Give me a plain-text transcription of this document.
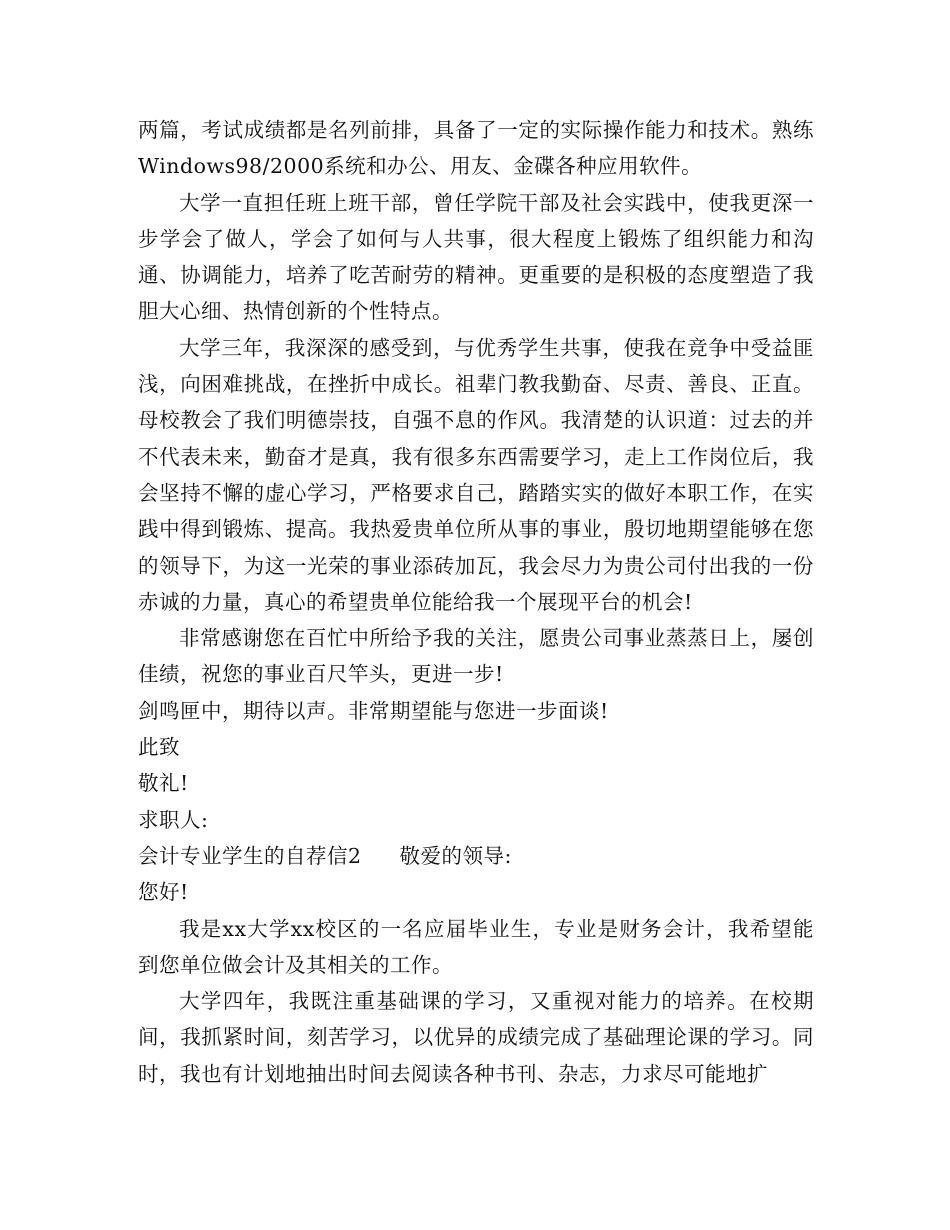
两篇，考试成绩都是名列前排，具备了一定的实际操作能力和技术。熟练Windows98/2000系统和办公、用友、金碟各种应用软件。

大学一直担任班上班干部，曾任学院干部及社会实践中，使我更深一步学会了做人，学会了如何与人共事，很大程度上锻炼了组织能力和沟通、协调能力，培养了吃苦耐劳的精神。更重要的是积极的态度塑造了我胆大心细、热情创新的个性特点。

大学三年，我深深的感受到，与优秀学生共事，使我在竞争中受益匪浅，向困难挑战，在挫折中成长。祖辈门教我勤奋、尽责、善良、正直。母校教会了我们明德崇技，自强不息的作风。我清楚的认识道：过去的并不代表未来，勤奋才是真，我有很多东西需要学习，走上工作岗位后，我会坚持不懈的虚心学习，严格要求自己，踏踏实实的做好本职工作，在实践中得到锻炼、提高。我热爱贵单位所从事的事业，殷切地期望能够在您的领导下，为这一光荣的事业添砖加瓦，我会尽力为贵公司付出我的一份赤诚的力量，真心的希望贵单位能给我一个展现平台的机会!

非常感谢您在百忙中所给予我的关注，愿贵公司事业蒸蒸日上，屡创佳绩，祝您的事业百尺竿头，更进一步!

剑鸣匣中，期待以声。非常期望能与您进一步面谈!

此致

敬礼!

求职人:

会计专业学生的自荐信2 敬爱的领导:

您好!

我是xx大学xx校区的一名应届毕业生，专业是财务会计，我希望能到您单位做会计及其相关的工作。

大学四年，我既注重基础课的学习，又重视对能力的培养。在校期间，我抓紧时间，刻苦学习，以优异的成绩完成了基础理论课的学习。同时，我也有计划地抽出时间去阅读各种书刊、杂志，力求尽可能地扩
